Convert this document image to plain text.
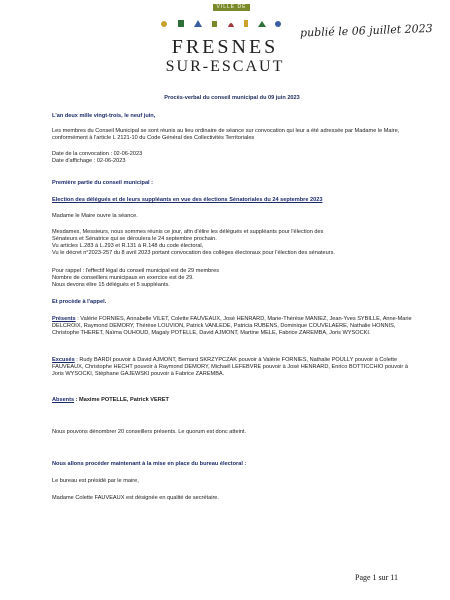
VILLE DE
FRESNES
SUR-ESCAUT
publié le 06 juillet 2023
Procès-verbal du conseil municipal du 09 juin 2023
L'an deux mille vingt-trois, le neuf juin,
Les membres du Conseil Municipal se sont réunis au lieu ordinaire de séance sur convocation qui leur a été adressée par Madame le Maire, conformément à l'article L 2121-10 du Code Général des Collectivités Territoriales
Date de la convocation : 02-06-2023
Date d'affichage : 02-06-2023
Première partie du conseil municipal :
Election des délégués et de leurs suppléants en vue des élections Sénatoriales du 24 septembre 2023
Madame le Maire ouvre la séance.
Mesdames, Messieurs, nous sommes réunis ce jour, afin d'élire les délégués et suppléants pour l'élection des
Sénateurs et Sénatrice qui se déroulera le 24 septembre prochain.
Vu articles L.283 à L.293 et R.131 à R.148 du code électoral,
Vu le décret n°2023-257 du 8 avril 2023 portant convocation des collèges électoraux pour l'élection des sénateurs.
Pour rappel : l'effectif légal du conseil municipal est de 29 membres
Nombre de conseillers municipaux en exercice est de 29.
Nous devons élire 15 délégués et 5 suppléants.
Et procède à l'appel.
Présents : Valérie FORNIES, Annabelle VILET, Colette FAUVEAUX, José HENRARD, Marie-Thérèse MANIEZ, Jean-Yves SYBILLE, Anne-Marie DELCROIX, Raymond DEMORY, Thérèse LOUVION, Patrick VANLEDE, Patricia RUBENS, Dominique COUVELAERE, Nathalie HONNIS, Christophe THERET, Naïma OUHOUD, Magaly POTELLE, David AJMONT, Martine MELE, Fabrice ZAREMBA, Joris WYSOCKI.
Excusés : Rudy BARDI pouvoir à David AJMONT, Bernard SKRZYPCZAK pouvoir à Valérie FORNIES, Nathalie POULLY pouvoir à Colette FAUVEAUX, Christophe HECHT pouvoir à Raymond DEMORY, Michaël LEFEBVRE pouvoir à José HENRARD, Enrico BOTTICCHIO pouvoir à Joris WYSOCKI, Stéphane GAJEWSKI pouvoir à Fabrice ZAREMBA.
Absents : Maxime POTELLE, Patrick VERET
Nous pouvons dénombrer 20 conseillers présents. Le quorum est donc atteint.
Nous allons procéder maintenant à la mise en place du bureau électoral :
Le bureau est présidé par le maire,
Madame Colette FAUVEAUX est désignée en qualité de secrétaire.
Page 1 sur 11
